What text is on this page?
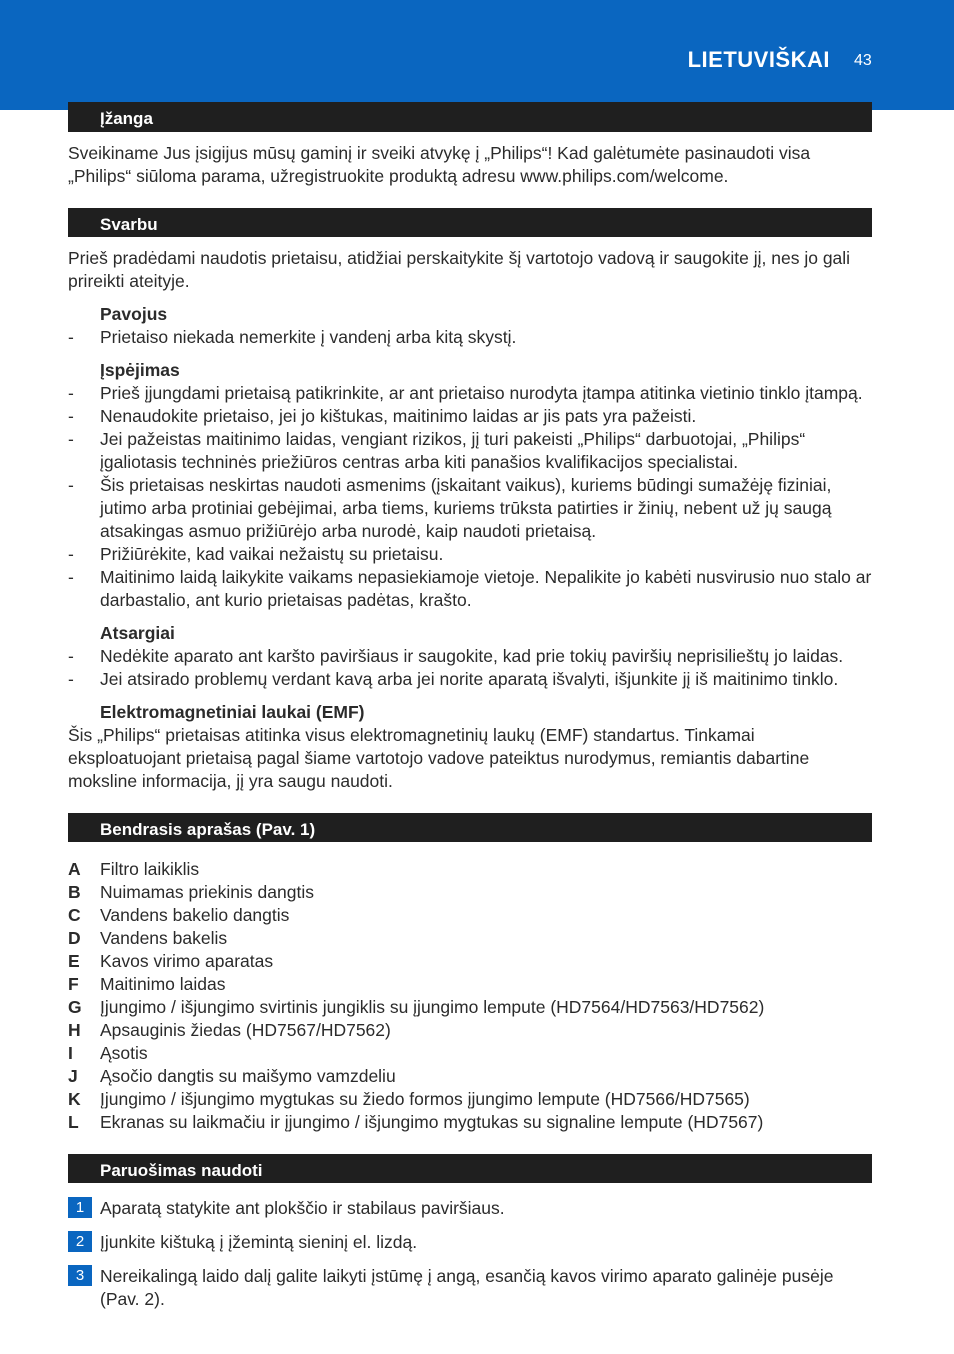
LIETUVIŠKAI 43
Įžanga

Sveikiname Jus įsigijus mūsų gaminį ir sveiki atvykę į „Philips“! Kad galėtumėte pasinaudoti visa „Philips“ siūloma parama, užregistruokite produktą adresu www.philips.com/welcome.

Svarbu

Prieš pradėdami naudotis prietaisu, atidžiai perskaitykite šį vartotojo vadovą ir saugokite jį, nes jo gali prireikti ateityje.

Pavojus
- Prietaiso niekada nemerkite į vandenį arba kitą skystį.
Įspėjimas
- Prieš įjungdami prietaisą patikrinkite, ar ant prietaiso nurodyta įtampa atitinka vietinio tinklo įtampą.
- Nenaudokite prietaiso, jei jo kištukas, maitinimo laidas ar jis pats yra pažeisti.
- Jei pažeistas maitinimo laidas, vengiant rizikos, jį turi pakeisti „Philips“ darbuotojai, „Philips“ įgaliotasis techninės priežiūros centras arba kiti panašios kvalifikacijos specialistai.
- Šis prietaisas neskirtas naudoti asmenims (įskaitant vaikus), kuriems būdingi sumažėję fiziniai, jutimo arba protiniai gebėjimai, arba tiems, kuriems trūksta patirties ir žinių, nebent už jų saugą atsakingas asmuo prižiūrėjo arba nurodė, kaip naudoti prietaisą.
- Prižiūrėkite, kad vaikai nežaistų su prietaisu.
- Maitinimo laidą laikykite vaikams nepasiekiamoje vietoje. Nepalikite jo kabėti nusvirusio nuo stalo ar darbastalio, ant kurio prietaisas padėtas, krašto.
Atsargiai
- Nedėkite aparato ant karšto paviršiaus ir saugokite, kad prie tokių paviršių neprisilieštų jo laidas.
- Jei atsirado problemų verdant kavą arba jei norite aparatą išvalyti, išjunkite jį iš maitinimo tinklo.
Elektromagnetiniai laukai (EMF)

Šis „Philips“ prietaisas atitinka visus elektromagnetinių laukų (EMF) standartus. Tinkamai eksploatuojant prietaisą pagal šiame vartotojo vadove pateiktus nurodymus, remiantis dabartine moksline informacija, jį yra saugu naudoti.

Bendrasis aprašas (Pav. 1)
A Filtro laikiklis
B Nuimamas priekinis dangtis
C Vandens bakelio dangtis
D Vandens bakelis
E Kavos virimo aparatas
F Maitinimo laidas
G Įjungimo / išjungimo svirtinis jungiklis su įjungimo lempute (HD7564/HD7563/HD7562)
H Apsauginis žiedas (HD7567/HD7562)
I Ąsotis
J Ąsočio dangtis su maišymo vamzdeliu
K Įjungimo / išjungimo mygtukas su žiedo formos įjungimo lempute (HD7566/HD7565)
L Ekranas su laikmačiu ir įjungimo / išjungimo mygtukas su signaline lempute (HD7567)
Paruošimas naudoti
1 Aparatą statykite ant plokščio ir stabilaus paviršiaus.
2 Įjunkite kištuką į įžemintą sieninį el. lizdą.
3 Nereikalingą laido dalį galite laikyti įstūmę į angą, esančią kavos virimo aparato galinėje pusėje (Pav. 2).
